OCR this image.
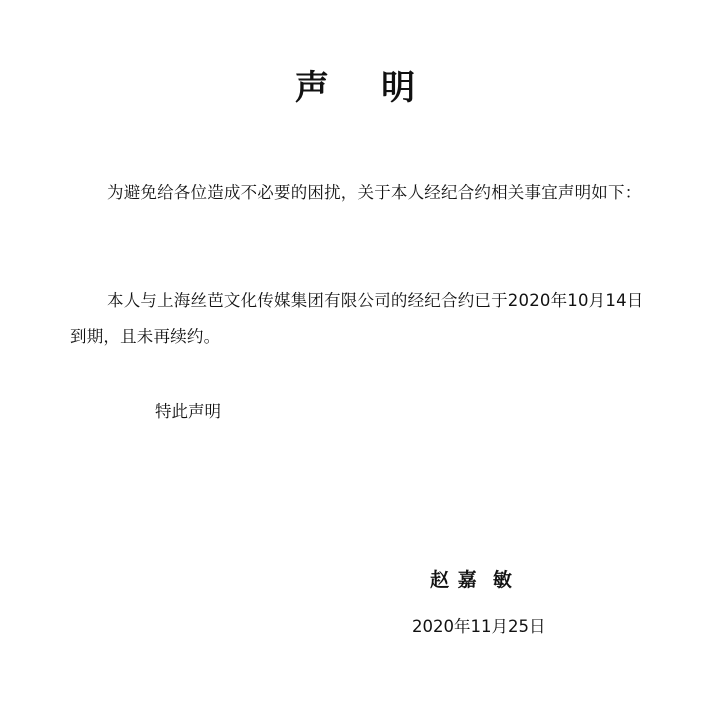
声    明
为避免给各位造成不必要的困扰，关于本人经纪合约相关事宜声明如下：
本人与上海丝芭文化传媒集团有限公司的经纪合约已于2020年10月14日到期，且未再续约。
特此声明
赵 嘉  敏
2020年11月25日
